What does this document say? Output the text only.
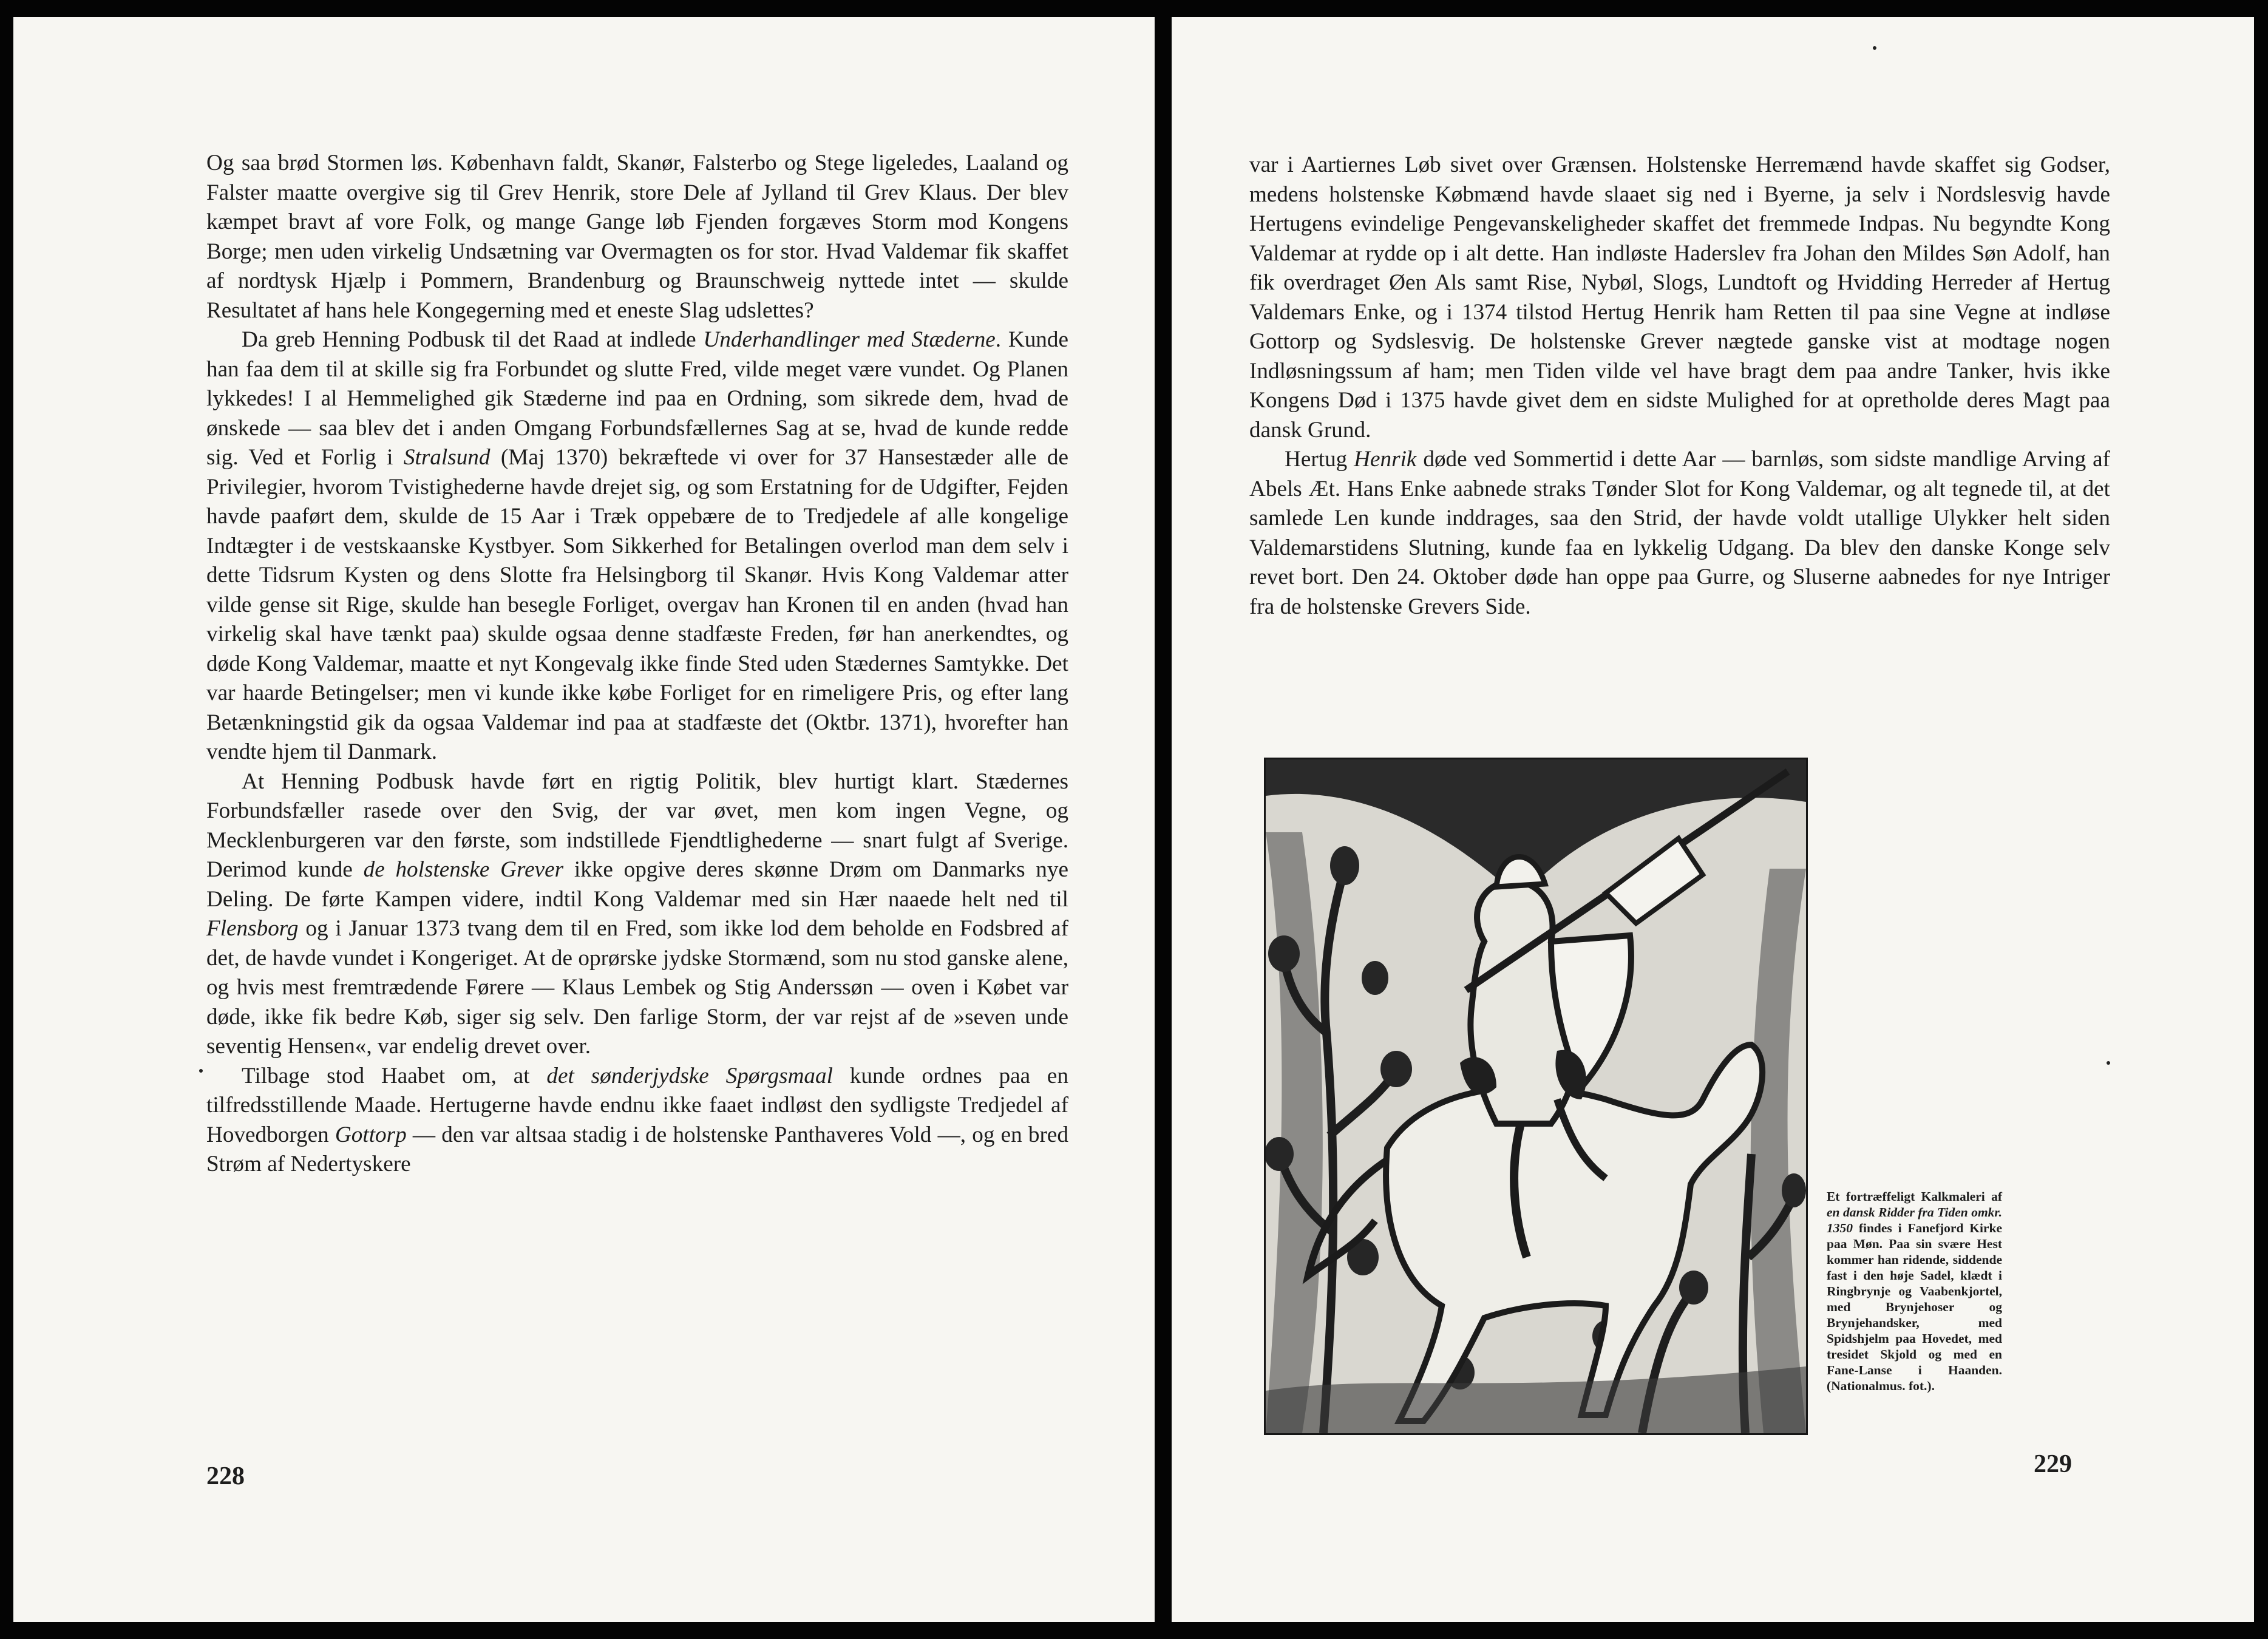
Og saa brød Stormen løs. København faldt, Skanør, Falsterbo og Stege ligeledes, Laaland og Falster maatte overgive sig til Grev Henrik, store Dele af Jylland til Grev Klaus. Der blev kæmpet bravt af vore Folk, og mange Gange løb Fjenden forgæves Storm mod Kongens Borge; men uden virkelig Undsætning var Overmagten os for stor. Hvad Valdemar fik skaffet af nordtysk Hjælp i Pommern, Brandenburg og Braunschweig nyttede intet — skulde Resultatet af hans hele Kongegerning med et eneste Slag udslettes?

Da greb Henning Podbusk til det Raad at indlede Underhandlinger med Stæderne. Kunde han faa dem til at skille sig fra Forbundet og slutte Fred, vilde meget være vundet. Og Planen lykkedes! I al Hemmelighed gik Stæderne ind paa en Ordning, som sikrede dem, hvad de ønskede — saa blev det i anden Omgang Forbundsfællernes Sag at se, hvad de kunde redde sig. Ved et Forlig i Stralsund (Maj 1370) bekræftede vi over for 37 Hansestæder alle de Privilegier, hvorom Tvistighederne havde drejet sig, og som Erstatning for de Udgifter, Fejden havde paaført dem, skulde de 15 Aar i Træk oppebære de to Tredjedele af alle kongelige Indtægter i de vestskaanske Kystbyer. Som Sikkerhed for Betalingen overlod man dem selv i dette Tidsrum Kysten og dens Slotte fra Helsingborg til Skanør. Hvis Kong Valdemar atter vilde gense sit Rige, skulde han besegle Forliget, overgav han Kronen til en anden (hvad han virkelig skal have tænkt paa) skulde ogsaa denne stadfæste Freden, før han anerkendtes, og døde Kong Valdemar, maatte et nyt Kongevalg ikke finde Sted uden Stædernes Samtykke. Det var haarde Betingelser; men vi kunde ikke købe Forliget for en rimeligere Pris, og efter lang Betænkningstid gik da ogsaa Valdemar ind paa at stadfæste det (Oktbr. 1371), hvorefter han vendte hjem til Danmark.

At Henning Podbusk havde ført en rigtig Politik, blev hurtigt klart. Stædernes Forbundsfæller rasede over den Svig, der var øvet, men kom ingen Vegne, og Mecklenburgeren var den første, som indstillede Fjendtlighederne — snart fulgt af Sverige. Derimod kunde de holstenske Grever ikke opgive deres skønne Drøm om Danmarks nye Deling. De førte Kampen videre, indtil Kong Valdemar med sin Hær naaede helt ned til Flensborg og i Januar 1373 tvang dem til en Fred, som ikke lod dem beholde en Fodsbred af det, de havde vundet i Kongeriget. At de oprørske jydske Stormænd, som nu stod ganske alene, og hvis mest fremtrædende Førere — Klaus Lembek og Stig Anderssøn — oven i Købet var døde, ikke fik bedre Køb, siger sig selv. Den farlige Storm, der var rejst af de »seven unde seventig Hensen«, var endelig drevet over.

Tilbage stod Haabet om, at det sønderjydske Spørgsmaal kunde ordnes paa en tilfredsstillende Maade. Hertugerne havde endnu ikke faaet indløst den sydligste Tredjedel af Hovedborgen Gottorp — den var altsaa stadig i de holstenske Panthaveres Vold —, og en bred Strøm af Nedertyskere

228

var i Aartiernes Løb sivet over Grænsen. Holstenske Herremænd havde skaffet sig Godser, medens holstenske Købmænd havde slaaet sig ned i Byerne, ja selv i Nordslesvig havde Hertugens evindelige Pengevanskeligheder skaffet det fremmede Indpas. Nu begyndte Kong Valdemar at rydde op i alt dette. Han indløste Haderslev fra Johan den Mildes Søn Adolf, han fik overdraget Øen Als samt Rise, Nybøl, Slogs, Lundtoft og Hvidding Herreder af Hertug Valdemars Enke, og i 1374 tilstod Hertug Henrik ham Retten til paa sine Vegne at indløse Gottorp og Sydslesvig. De holstenske Grever nægtede ganske vist at modtage nogen Indløsningssum af ham; men Tiden vilde vel have bragt dem paa andre Tanker, hvis ikke Kongens Død i 1375 havde givet dem en sidste Mulighed for at opretholde deres Magt paa dansk Grund.

Hertug Henrik døde ved Sommertid i dette Aar — barnløs, som sidste mandlige Arving af Abels Æt. Hans Enke aabnede straks Tønder Slot for Kong Valdemar, og alt tegnede til, at det samlede Len kunde inddrages, saa den Strid, der havde voldt utallige Ulykker helt siden Valdemarstidens Slutning, kunde faa en lykkelig Udgang. Da blev den danske Konge selv revet bort. Den 24. Oktober døde han oppe paa Gurre, og Sluserne aabnedes for nye Intriger fra de holstenske Grevers Side.

Et fortræffeligt Kalkmaleri af en dansk Ridder fra Tiden omkr. 1350 findes i Fanefjord Kirke paa Møn. Paa sin svære Hest kommer han ridende, siddende fast i den høje Sadel, klædt i Ringbrynje og Vaabenkjortel, med Brynjehoser og Brynjehandsker, med Spidshjelm paa Hovedet, med tresidet Skjold og med en Fane-Lanse i Haanden. (Nationalmus. fot.).
229
